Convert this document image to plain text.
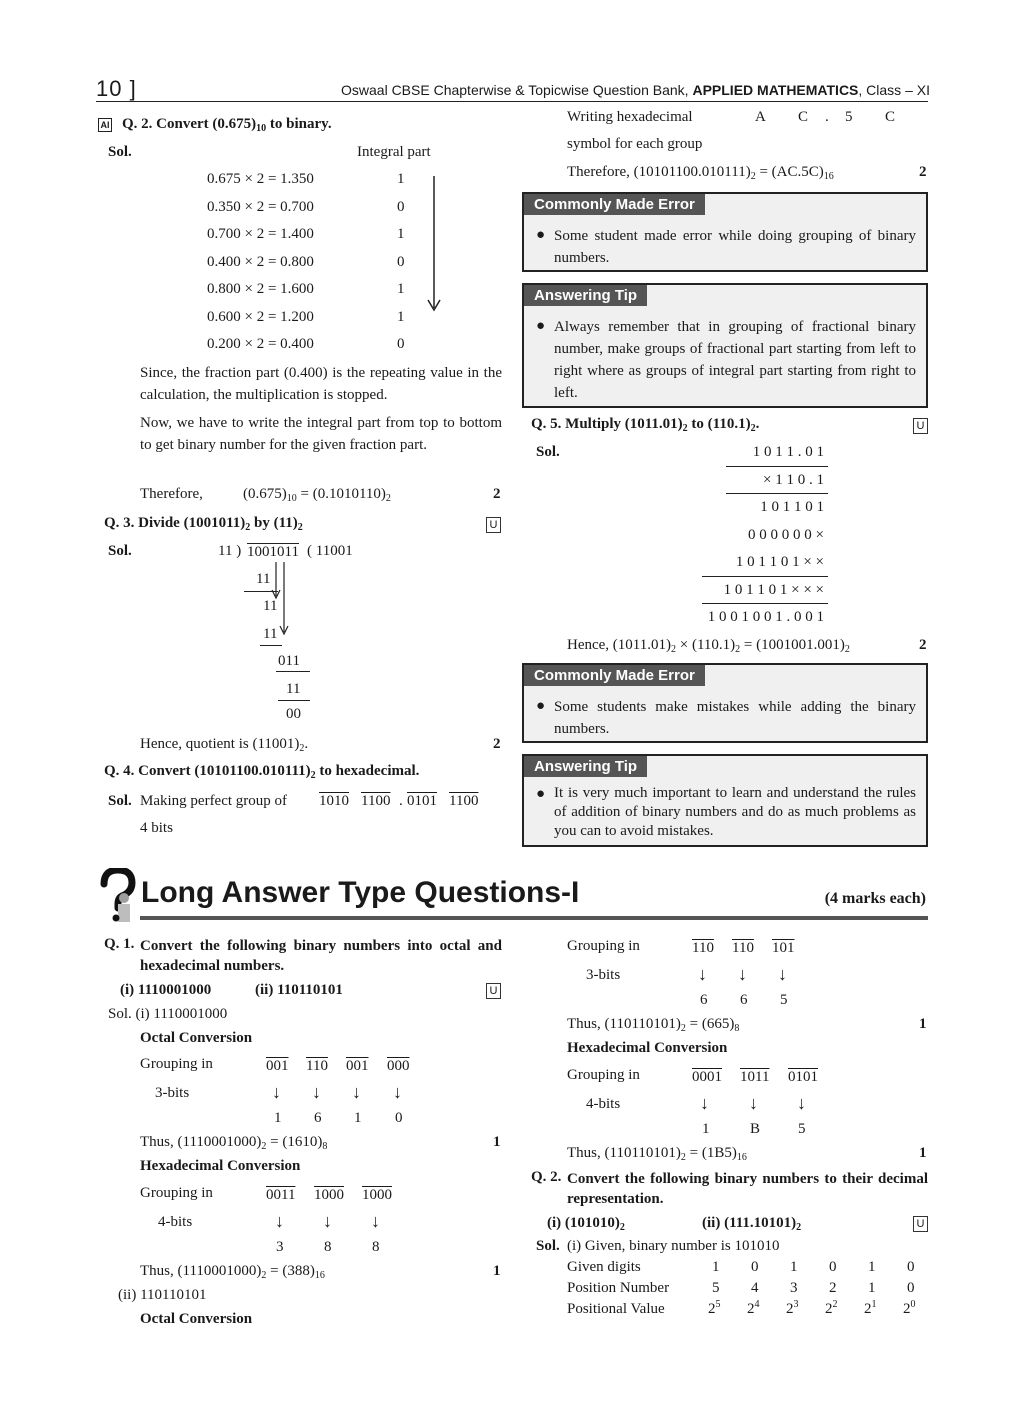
10 ]	Oswaal CBSE Chapterwise & Topicwise Question Bank, APPLIED MATHEMATICS, Class – XI
AI Q. 2. Convert $(0.675)_{10}$ to binary.
Sol.	Integral part
0.675 × 2 = 1.350	1
0.350 × 2 = 0.700	0
0.700 × 2 = 1.400	1
0.400 × 2 = 0.800	0
0.800 × 2 = 1.600	1
0.600 × 2 = 1.200	1
0.200 × 2 = 0.400	0
Since, the fraction part (0.400) is the repeating value in the calculation, the multiplication is stopped.
Now, we have to write the integral part from top to bottom to get binary number for the given fraction part.
Therefore,	$(0.675)_{10} = (0.1010110)_2$	2
Q. 3. Divide $(1001011)_2$ by $(11)_2$	U
Sol.	11 ) 1001011 ( 11001
11
11
11
011
11
00
Hence, quotient is $(11001)_2$.	2
Q. 4. Convert $(10101100.010111)_2$ to hexadecimal.
Sol. Making perfect group of 1010 1100 . 0101 1100
4 bits
Writing hexadecimal	A C . 5 C
symbol for each group
Therefore, $(10101100.010111)_2 = (AC.5C)_{16}$	2
Commonly Made Error
● Some student made error while doing grouping of binary numbers.
Answering Tip
● Always remember that in grouping of fractional binary number, make groups of fractional part starting from left to right where as groups of integral part starting from right to left.
Q. 5. Multiply $(1011.01)_2$ to $(110.1)_2$.	U
Sol.	1 0 1 1 . 0 1
× 1 1 0 . 1
1 0 1 1 0 1
0 0 0 0 0 0 ×
1 0 1 1 0 1 × ×
1 0 1 1 0 1 × × ×
1 0 0 1 0 0 1 . 0 0 1
Hence, $(1011.01)_2 \times (110.1)_2 = (1001001.001)_2$	2
Commonly Made Error
● Some students make mistakes while adding the binary numbers.
Answering Tip
● It is very much important to learn and understand the rules of addition of binary numbers and do as much problems as you can to avoid mistakes.
Long Answer Type Questions-I	(4 marks each)
Q. 1. Convert the following binary numbers into octal and hexadecimal numbers.
(i) 1110001000	(ii) 110110101	U
Sol. (i) 1110001000
Octal Conversion
Grouping in	001 110 001 000
3-bits	↓ ↓ ↓ ↓
1 6 1 0
Thus, $(1110001000)_2 = (1610)_8$	1
Hexadecimal Conversion
Grouping in	0011 1000 1000
4-bits	↓ ↓ ↓
3	8	8
Thus, $(1110001000)_2 = (388)_{16}$	1
(ii) 110110101
Octal Conversion
Grouping in	110 110 101
3-bits	↓ ↓ ↓
6 6 5
Thus, $(110110101)_2 = (665)_8$	1
Hexadecimal Conversion
Grouping in	0001 1011 0101
4-bits	↓ ↓ ↓
1	B	5
Thus, $(110110101)_2 = (1B5)_{16}$	1
Q. 2. Convert the following binary numbers to their decimal representation.
(i) $(101010)_2$	(ii) $(111.10101)_2$	U
Sol. (i) Given, binary number is 101010
Given digits	1 0 1 0 1 0
Position Number	5 4 3 2 1 0
Positional Value	$2^5$ $2^4$ $2^3$ $2^2$ $2^1$ $2^0$
